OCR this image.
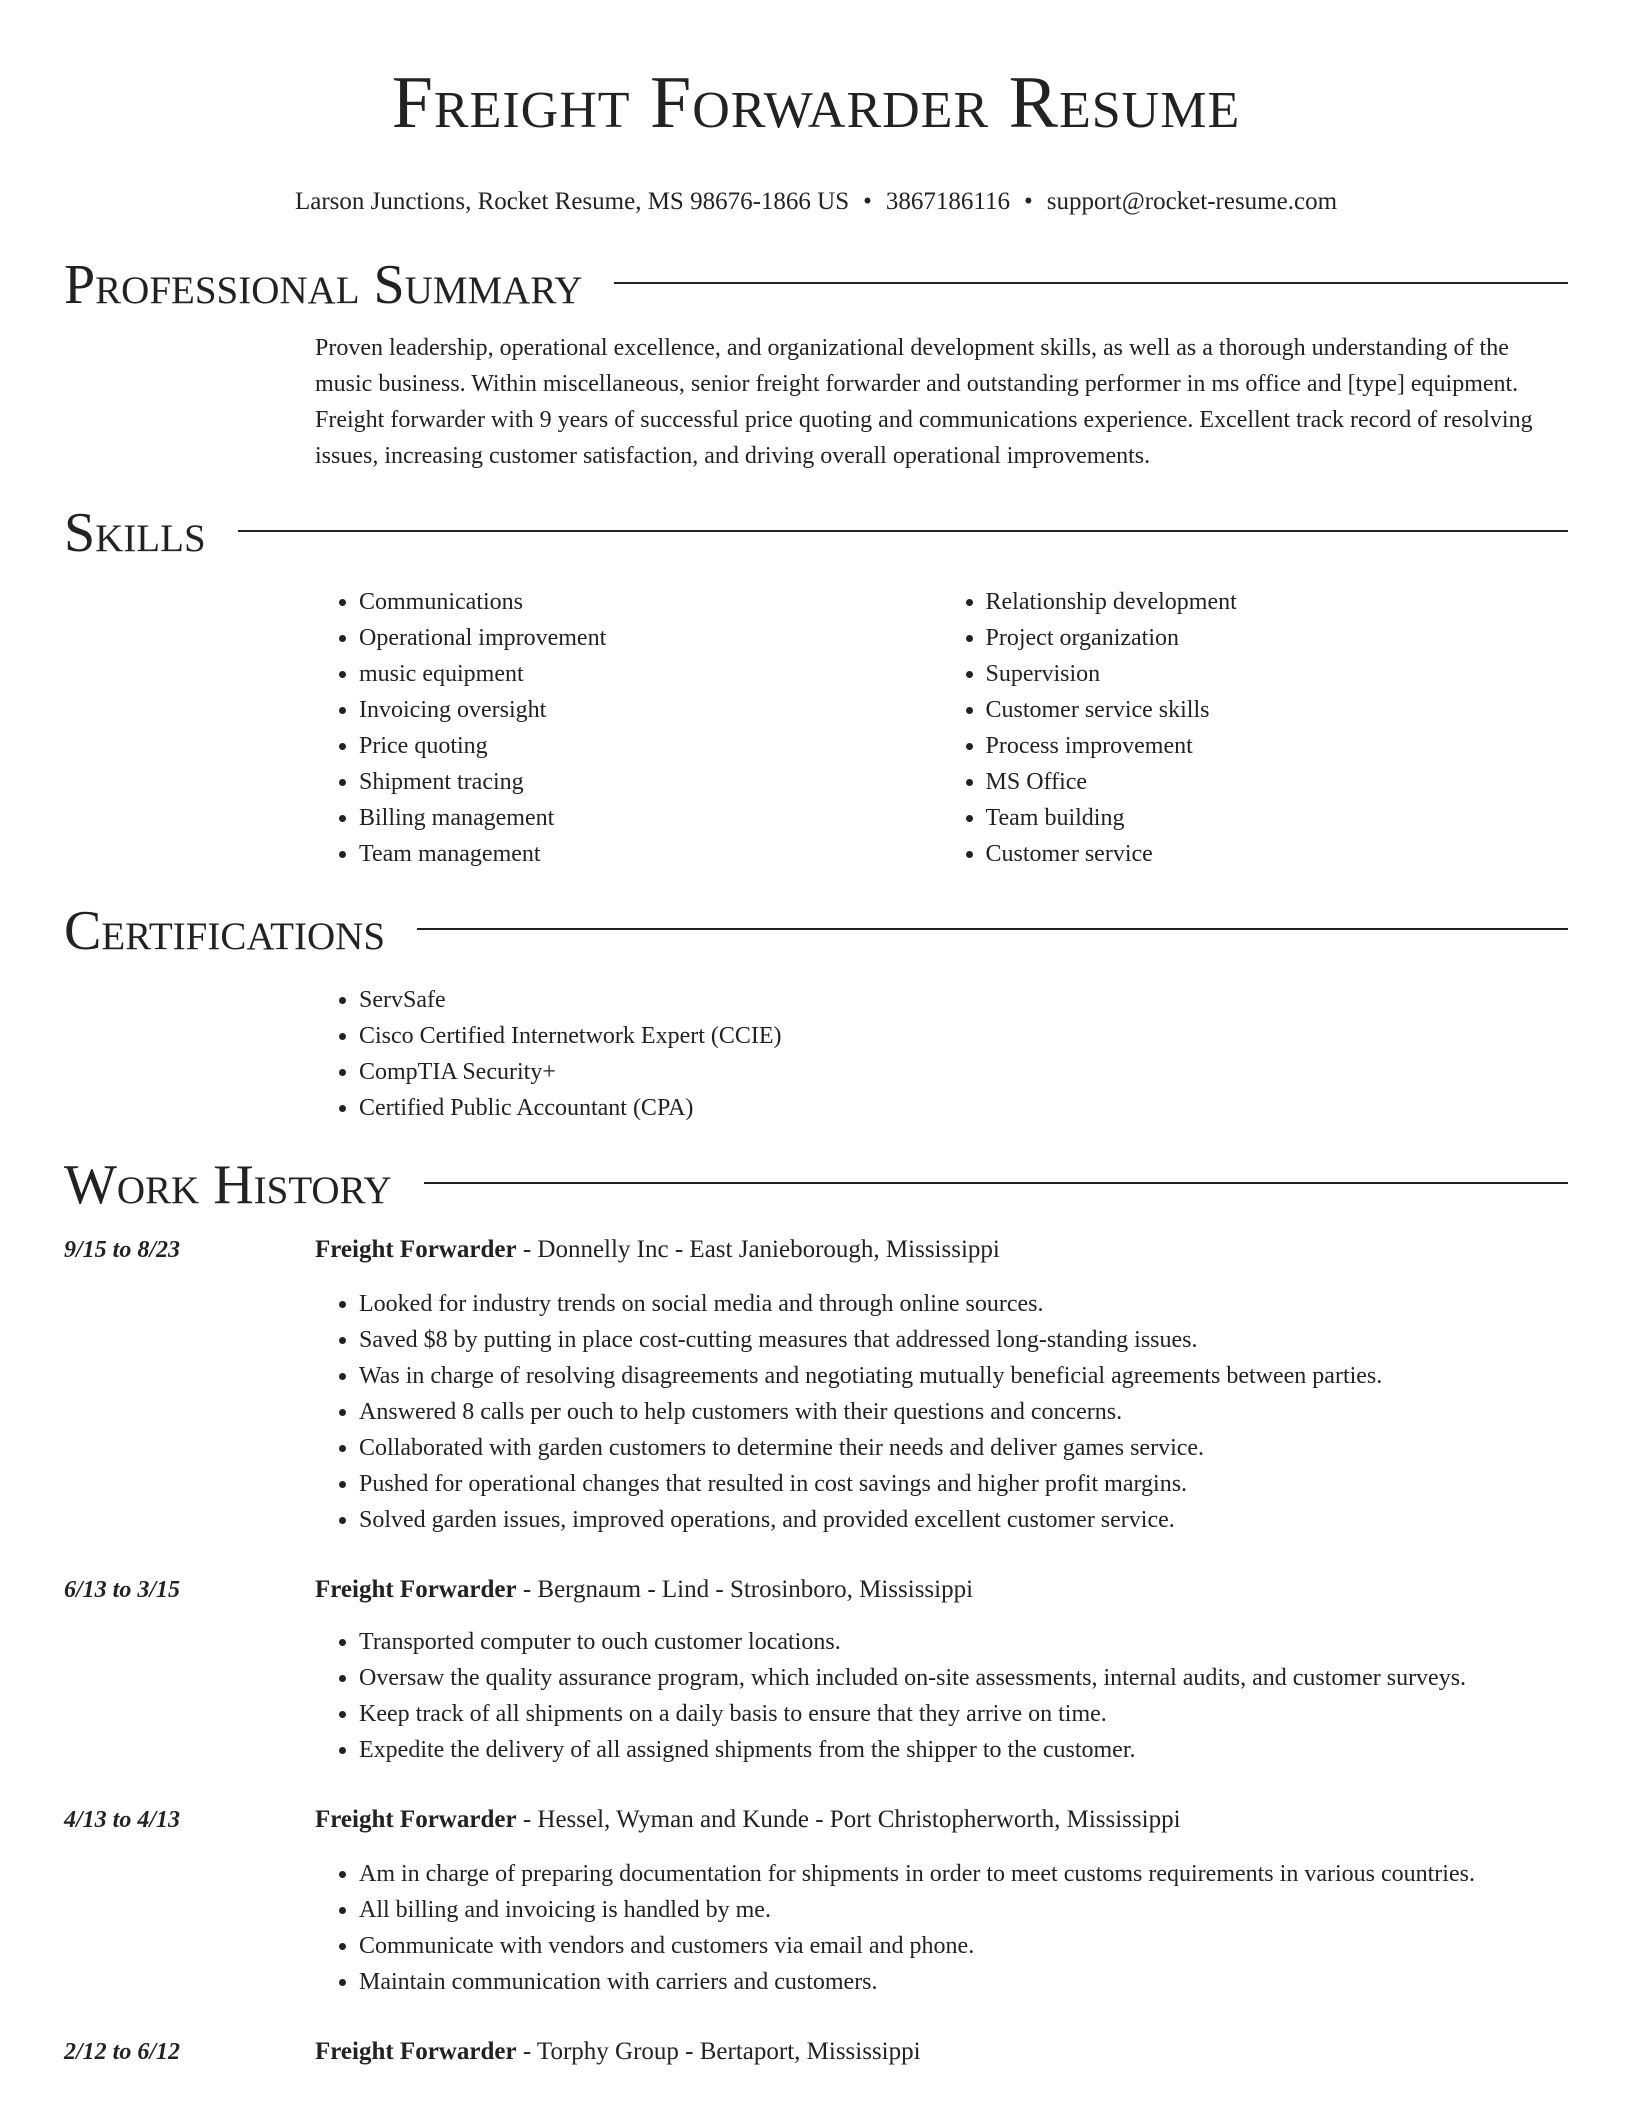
Freight Forwarder Resume
Larson Junctions, Rocket Resume, MS 98676-1866 US • 3867186116 • support@rocket-resume.com
Professional Summary

Proven leadership, operational excellence, and organizational development skills, as well as a thorough understanding of the music business. Within miscellaneous, senior freight forwarder and outstanding performer in ms office and [type] equipment. Freight forwarder with 9 years of successful price quoting and communications experience. Excellent track record of resolving issues, increasing customer satisfaction, and driving overall operational improvements.

Skills
• Communications
• Operational improvement
• music equipment
• Invoicing oversight
• Price quoting
• Shipment tracing
• Billing management
• Team management
• Relationship development
• Project organization
• Supervision
• Customer service skills
• Process improvement
• MS Office
• Team building
• Customer service
Certifications
• ServSafe
• Cisco Certified Internetwork Expert (CCIE)
• CompTIA Security+
• Certified Public Accountant (CPA)
Work History
9/15 to 8/23	Freight Forwarder - Donnelly Inc - East Janieborough, Mississippi
• Looked for industry trends on social media and through online sources.
• Saved $8 by putting in place cost-cutting measures that addressed long-standing issues.
• Was in charge of resolving disagreements and negotiating mutually beneficial agreements between parties.
• Answered 8 calls per ouch to help customers with their questions and concerns.
• Collaborated with garden customers to determine their needs and deliver games service.
• Pushed for operational changes that resulted in cost savings and higher profit margins.
• Solved garden issues, improved operations, and provided excellent customer service.
6/13 to 3/15	Freight Forwarder - Bergnaum - Lind - Strosinboro, Mississippi
• Transported computer to ouch customer locations.
• Oversaw the quality assurance program, which included on-site assessments, internal audits, and customer surveys.
• Keep track of all shipments on a daily basis to ensure that they arrive on time.
• Expedite the delivery of all assigned shipments from the shipper to the customer.
4/13 to 4/13	Freight Forwarder - Hessel, Wyman and Kunde - Port Christopherworth, Mississippi
• Am in charge of preparing documentation for shipments in order to meet customs requirements in various countries.
• All billing and invoicing is handled by me.
• Communicate with vendors and customers via email and phone.
• Maintain communication with carriers and customers.
2/12 to 6/12	Freight Forwarder - Torphy Group - Bertaport, Mississippi
